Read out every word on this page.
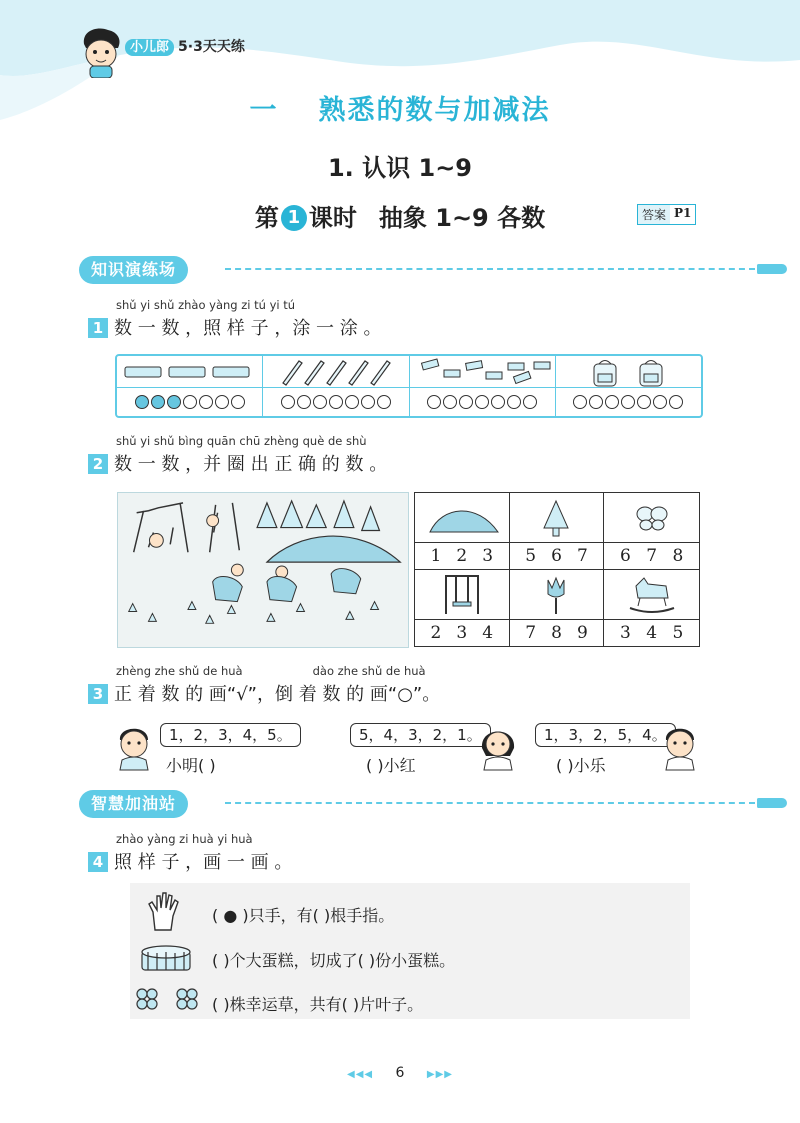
小儿郎 5·3天天练
一 熟悉的数与加减法
1. 认识 1~9
第 1 课时 抽象 1~9 各数	答案 P1
知识演练场
shǔ yi shǔ zhào yàng zi tú yi tú
1 数 一 数 ，照 样 子 ，涂 一 涂 。
shǔ yi shǔ bìng quān chū zhèng què de shù
2 数 一 数 ，并 圈 出 正 确 的 数 。
1 2 3 5 6 7 6 7 8
2 3 4 7 8 9 3 4 5
zhèng zhe shǔ de huà	dào zhe shǔ de huà
3 正 着 数 的 画“√”，倒 着 数 的 画“○”。
1，2，3，4，5。
小明( )
5，4，3，2，1。
( )小红
1，3，2，5，4。
( )小乐
智慧加油站
zhào yàng zi huà yi huà
4 照 样 子 ，画 一 画 。
( ● )只手，有( )根手指。
( )个大蛋糕，切成了( )份小蛋糕。
( )株幸运草，共有( )片叶子。
◀◀◀ 6 ▶▶▶
